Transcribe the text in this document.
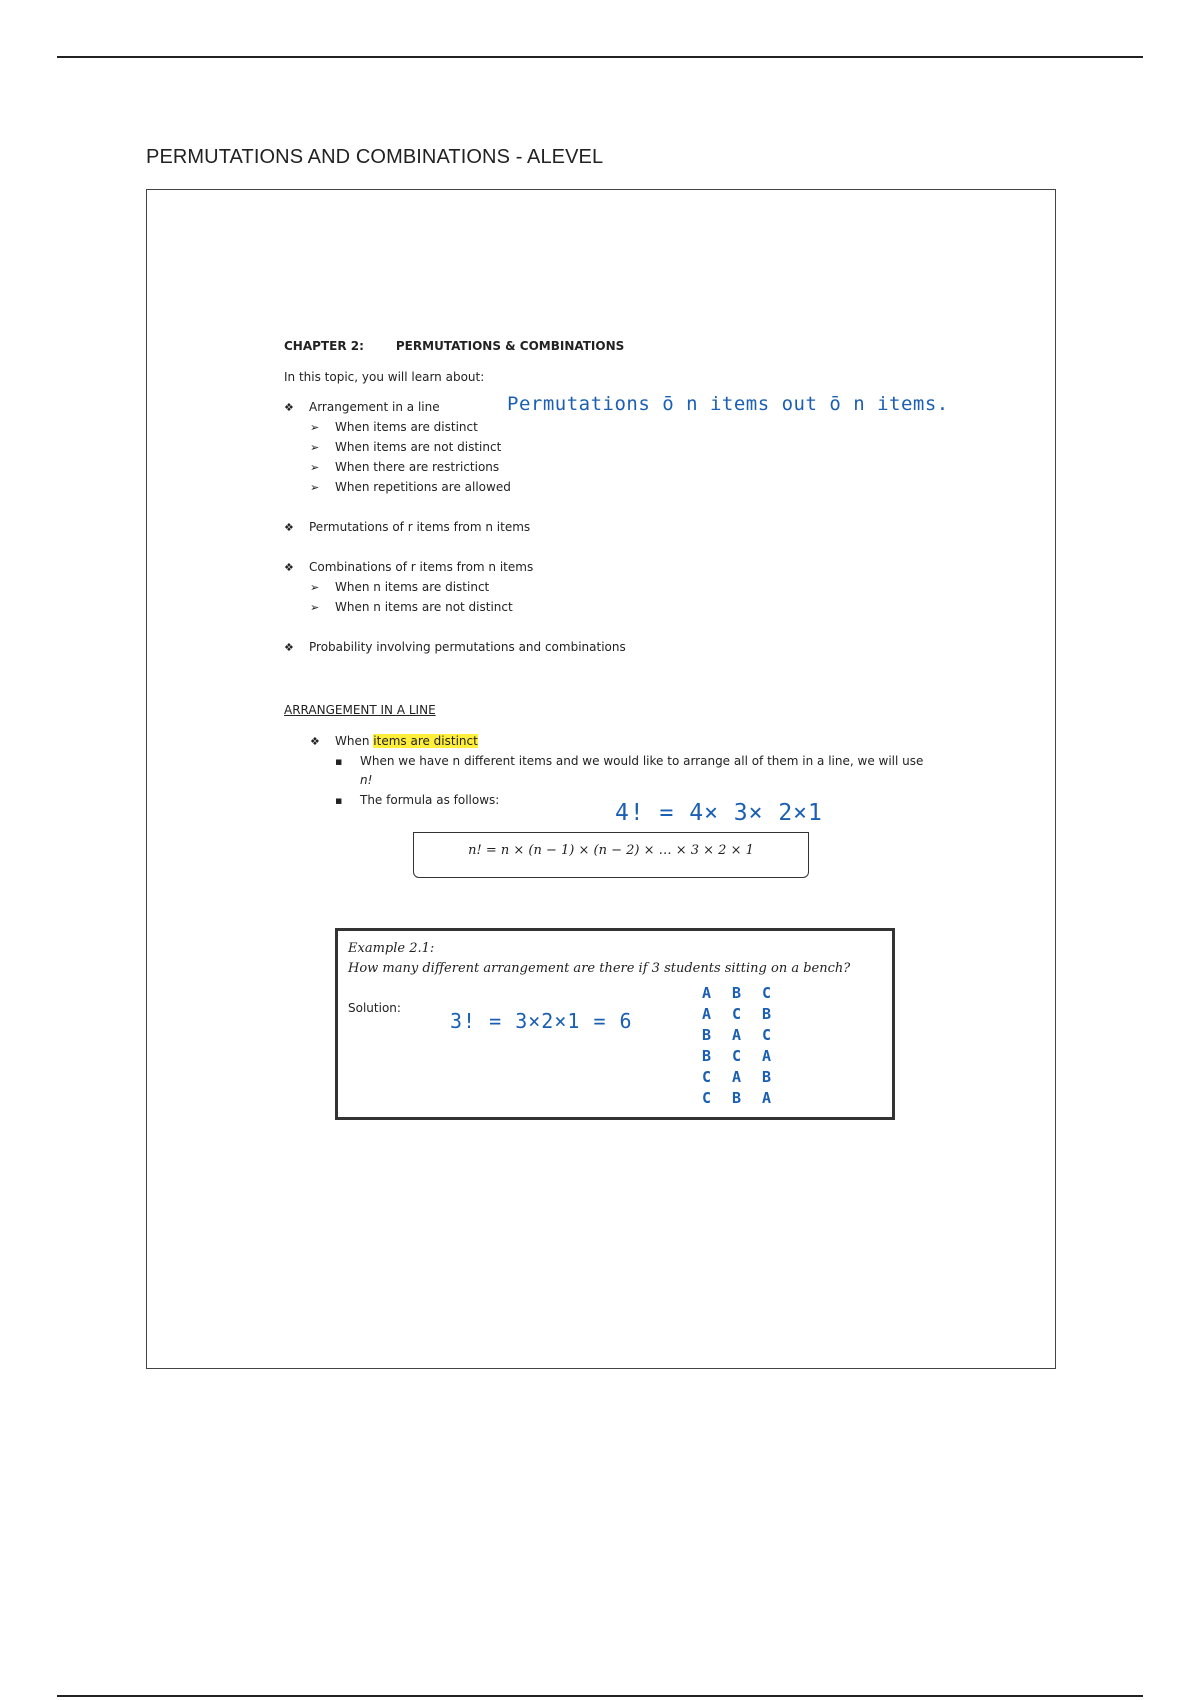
PERMUTATIONS AND COMBINATIONS - ALEVEL
CHAPTER 2:	PERMUTATIONS & COMBINATIONS
In this topic, you will learn about:
❖ Arrangement in a line
➢ When items are distinct
➢ When items are not distinct
➢ When there are restrictions
➢ When repetitions are allowed
❖ Permutations of r items from n items
❖ Combinations of r items from n items
➢ When n items are distinct
➢ When n items are not distinct
❖ Probability involving permutations and combinations
ARRANGEMENT IN A LINE
❖ When items are distinct
▪ When we have n different items and we would like to arrange all of them in a line, we will use
n!
▪ The formula as follows:
n! = n × (n − 1) × (n − 2) × … × 3 × 2 × 1
Example 2.1:
How many different arrangement are there if 3 students sitting on a bench?
Solution:
3! = 3×2×1 = 6
A B C
A C B
B A C
B C A
C A B
C B A
Permutations ō n items out ō n items.
4! = 4× 3× 2×1
